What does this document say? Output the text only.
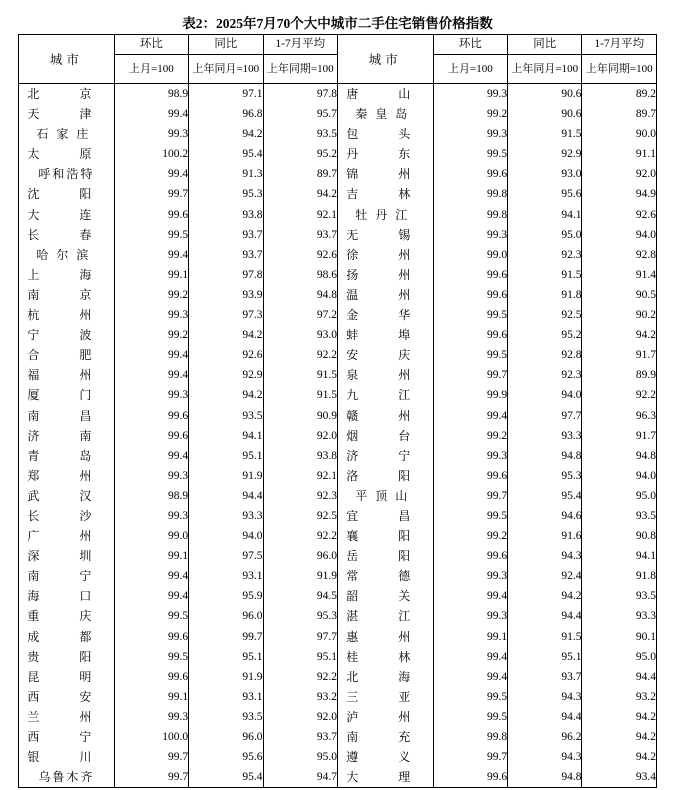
表2：2025年7月70个大中城市二手住宅销售价格指数
城市	环比	同比	1-7月平均	城市	环比	同比	1-7月平均
	上月=100	上年同月=100	上年同期=100		上月=100	上年同月=100	上年同期=100
北　京	98.9	97.1	97.8	唐　山	99.3	90.6	89.2
天　津	99.4	96.8	95.7	秦皇岛	99.2	90.6	89.7
石家庄	99.3	94.2	93.5	包　头	99.3	91.5	90.0
太　原	100.2	95.4	95.2	丹　东	99.5	92.9	91.1
呼和浩特	99.4	91.3	89.7	锦　州	99.6	93.0	92.0
沈　阳	99.7	95.3	94.2	吉　林	99.8	95.6	94.9
大　连	99.6	93.8	92.1	牡丹江	99.8	94.1	92.6
长　春	99.5	93.7	93.7	无　锡	99.3	95.0	94.0
哈尔滨	99.4	93.7	92.6	徐　州	99.0	92.3	92.8
上　海	99.1	97.8	98.6	扬　州	99.6	91.5	91.4
南　京	99.2	93.9	94.8	温　州	99.6	91.8	90.5
杭　州	99.3	97.3	97.2	金　华	99.5	92.5	90.2
宁　波	99.2	94.2	93.0	蚌　埠	99.6	95.2	94.2
合　肥	99.4	92.6	92.2	安　庆	99.5	92.8	91.7
福　州	99.4	92.9	91.5	泉　州	99.7	92.3	89.9
厦　门	99.3	94.2	91.5	九　江	99.9	94.0	92.2
南　昌	99.6	93.5	90.9	赣　州	99.4	97.7	96.3
济　南	99.6	94.1	92.0	烟　台	99.2	93.3	91.7
青　岛	99.4	95.1	93.8	济　宁	99.3	94.8	94.8
郑　州	99.3	91.9	92.1	洛　阳	99.6	95.3	94.0
武　汉	98.9	94.4	92.3	平顶山	99.7	95.4	95.0
长　沙	99.3	93.3	92.5	宜　昌	99.5	94.6	93.5
广　州	99.0	94.0	92.2	襄　阳	99.2	91.6	90.8
深　圳	99.1	97.5	96.0	岳　阳	99.6	94.3	94.1
南　宁	99.4	93.1	91.9	常　德	99.3	92.4	91.8
海　口	99.4	95.9	94.5	韶　关	99.4	94.2	93.5
重　庆	99.5	96.0	95.3	湛　江	99.3	94.4	93.3
成　都	99.6	99.7	97.7	惠　州	99.1	91.5	90.1
贵　阳	99.5	95.1	95.1	桂　林	99.4	95.1	95.0
昆　明	99.6	91.9	92.2	北　海	99.4	93.7	94.4
西　安	99.1	93.1	93.2	三　亚	99.5	94.3	93.2
兰　州	99.3	93.5	92.0	泸　州	99.5	94.4	94.2
西　宁	100.0	96.0	93.7	南　充	99.8	96.2	94.2
银　川	99.7	95.6	95.0	遵　义	99.7	94.3	94.2
乌鲁木齐	99.7	95.4	94.7	大　理	99.6	94.8	93.4
